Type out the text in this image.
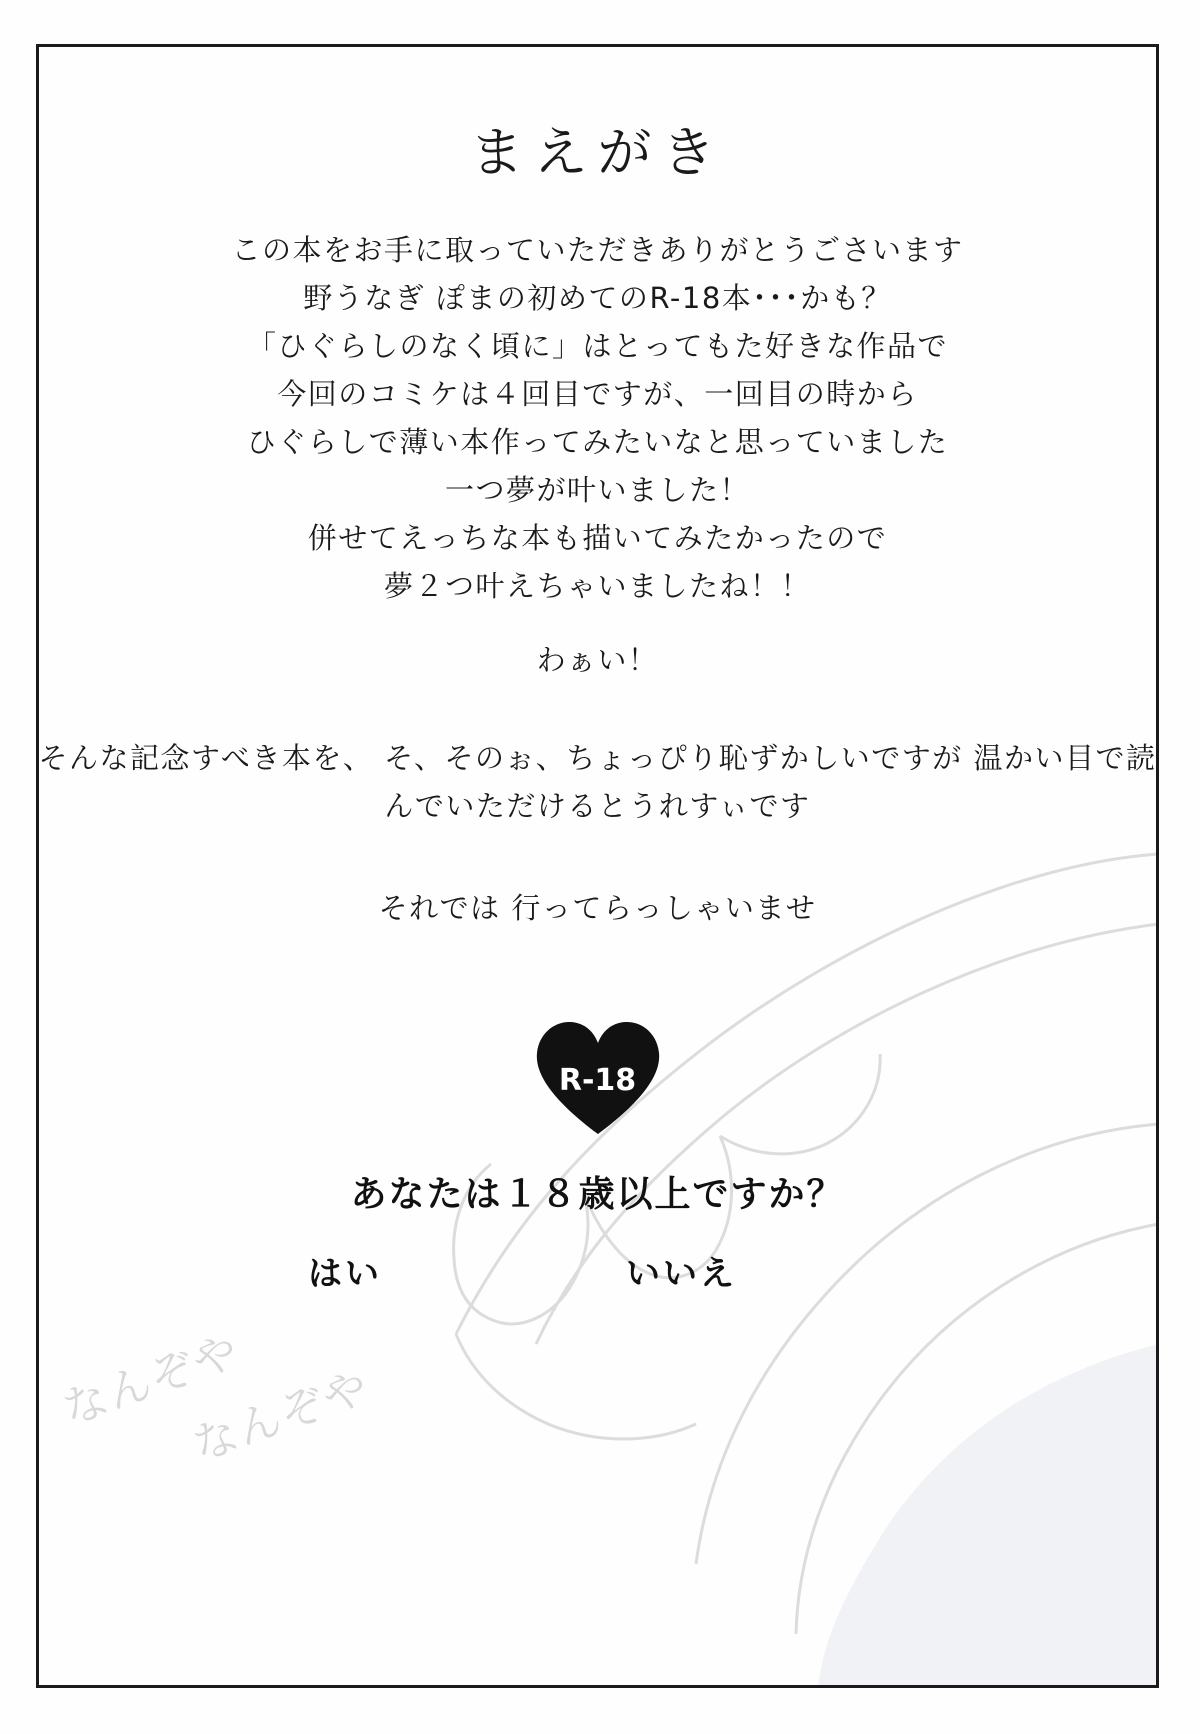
まえがき
この本をお手に取っていただきありがとうごさいます
野うなぎ ぽまの初めてのR-18本･･･かも？
「ひぐらしのなく頃に」はとってもた好きな作品で
今回のコミケは４回目ですが、一回目の時から
ひぐらしで薄い本作ってみたいなと思っていました
一つ夢が叶いました！
併せてえっちな本も描いてみたかったので
夢２つ叶えちゃいましたね！！
わぁい！
そんな記念すべき本を、 そ、そのぉ、ちょっぴり恥ずかしいですが 温かい目で読んでいただけるとうれすぃです
それでは 行ってらっしゃいませ
R-18
あなたは１８歳以上ですか？
はい	いいえ
なんぞや
なんぞや
